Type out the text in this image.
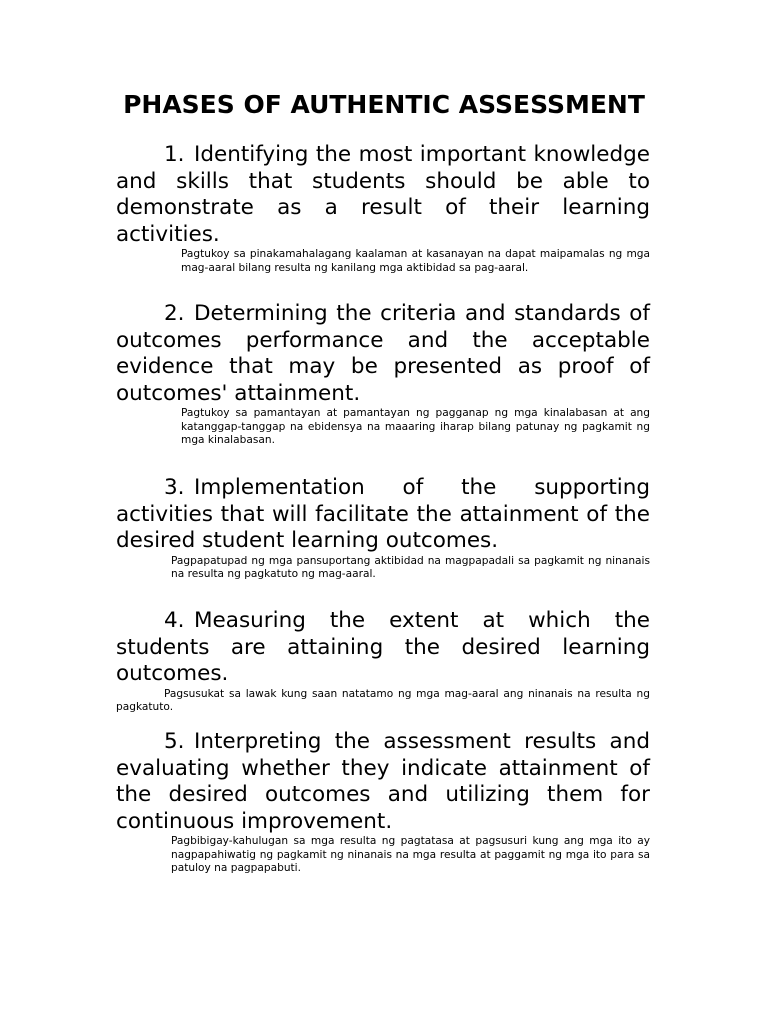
PHASES OF AUTHENTIC ASSESSMENT

1. Identifying the most important knowledge and skills that students should be able to demonstrate as a result of their learning activities.

Pagtukoy sa pinakamahalagang kaalaman at kasanayan na dapat maipamalas ng mga mag-aaral bilang resulta ng kanilang mga aktibidad sa pag-aaral.

2. Determining the criteria and standards of outcomes performance and the acceptable evidence that may be presented as proof of outcomes' attainment.

Pagtukoy sa pamantayan at pamantayan ng pagganap ng mga kinalabasan at ang katanggap-tanggap na ebidensya na maaaring iharap bilang patunay ng pagkamit ng mga kinalabasan.

3. Implementation of the supporting activities that will facilitate the attainment of the desired student learning outcomes.

Pagpapatupad ng mga pansuportang aktibidad na magpapadali sa pagkamit ng ninanais na resulta ng pagkatuto ng mag-aaral.

4. Measuring the extent at which the students are attaining the desired learning outcomes.

Pagsusukat sa lawak kung saan natatamo ng mga mag-aaral ang ninanais na resulta ng pagkatuto.

5. Interpreting the assessment results and evaluating whether they indicate attainment of the desired outcomes and utilizing them for continuous improvement.

Pagbibigay-kahulugan sa mga resulta ng pagtatasa at pagsusuri kung ang mga ito ay nagpapahiwatig ng pagkamit ng ninanais na mga resulta at paggamit ng mga ito para sa patuloy na pagpapabuti.
